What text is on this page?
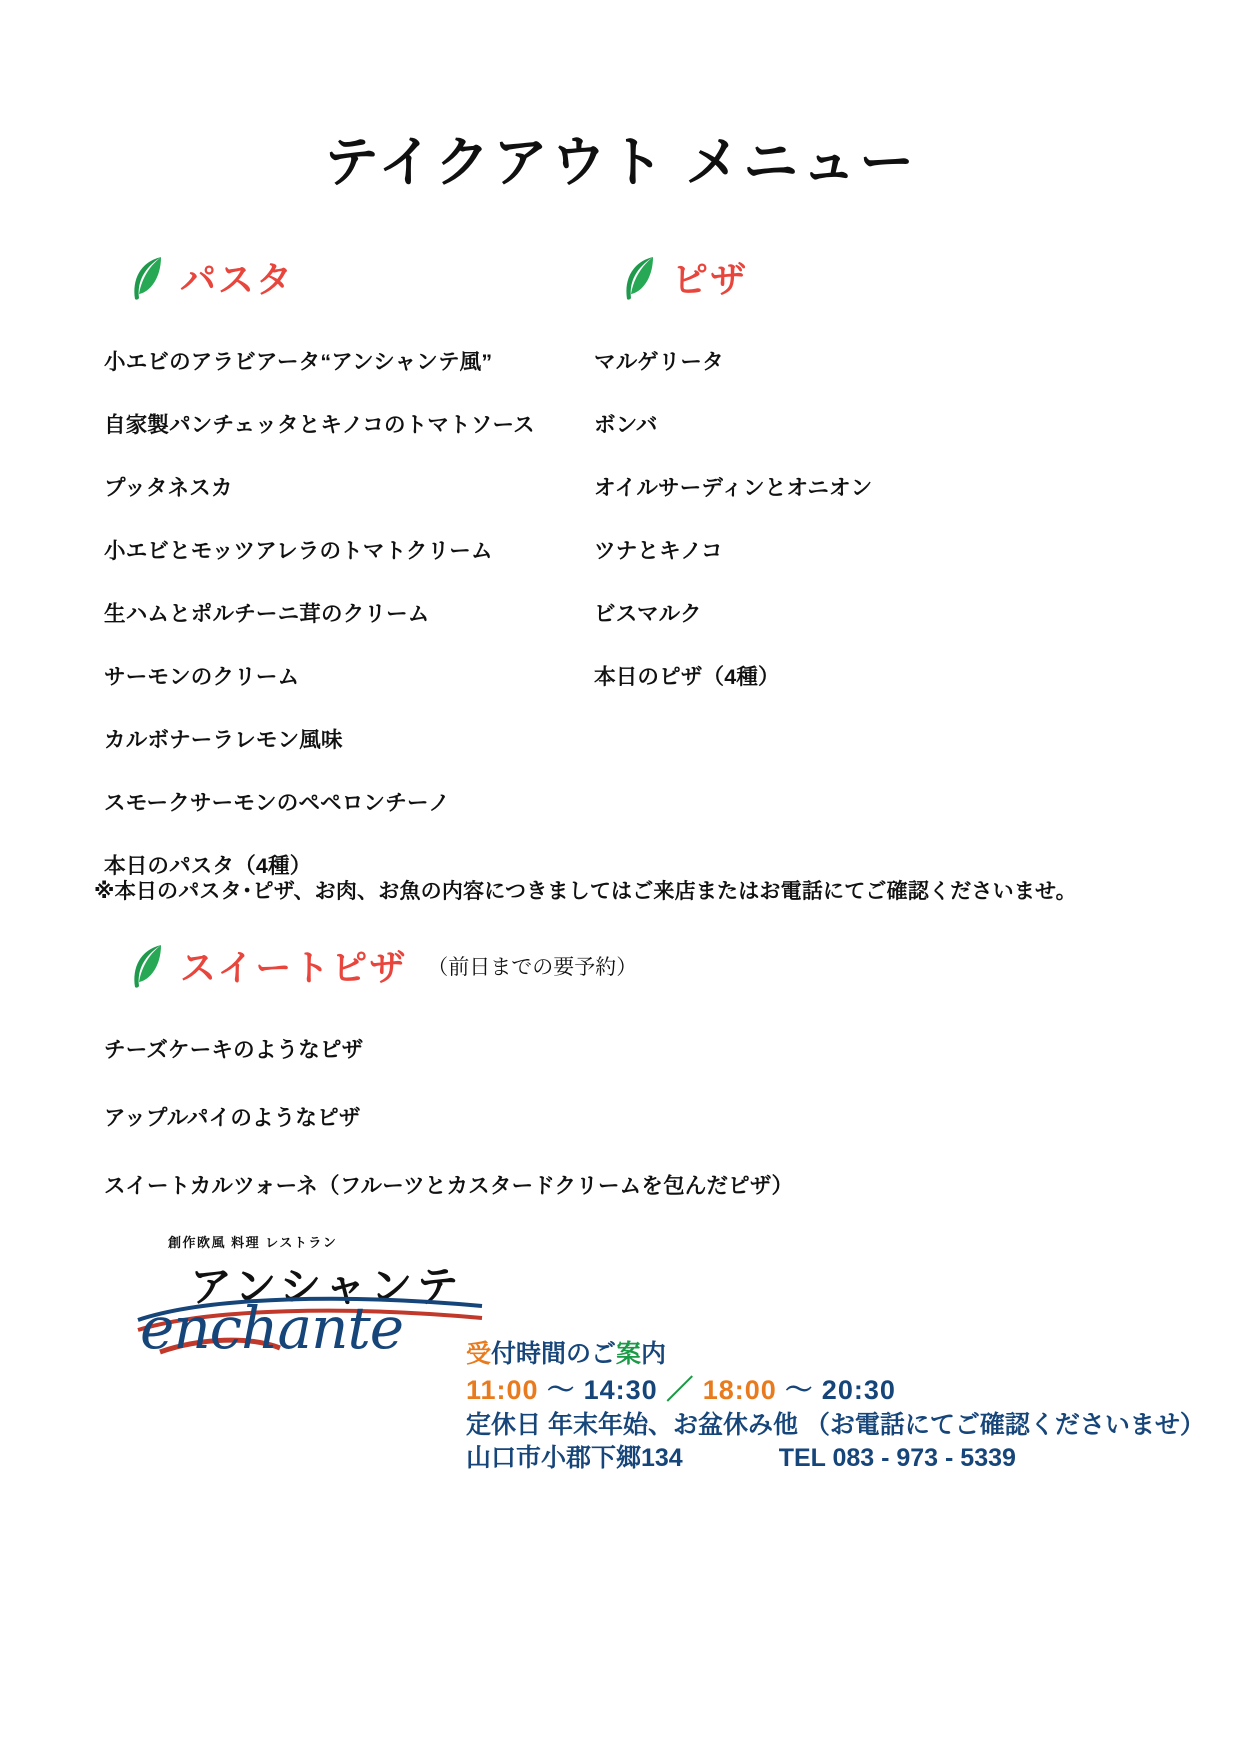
テイクアウト メニュー
パスタ	ピザ
小エビのアラビアータ“アンシャンテ風”
自家製パンチェッタとキノコのトマトソース
プッタネスカ
小エビとモッツアレラのトマトクリーム
生ハムとポルチーニ茸のクリーム
サーモンのクリーム
カルボナーラレモン風味
スモークサーモンのペペロンチーノ
本日のパスタ（4種）
マルゲリータ
ボンバ
オイルサーディンとオニオン
ツナとキノコ
ビスマルク
本日のピザ（4種）
※本日のパスタ･ピザ、お肉、お魚の内容につきましてはご来店またはお電話にてご確認くださいませ。
スイートピザ （前日までの要予約）
チーズケーキのようなピザ
アップルパイのようなピザ
スイートカルツォーネ（フルーツとカスタードクリームを包んだピザ）
創作欧風 料理 レストラン
アンシャンテ
enchante	受付時間のご案内
11:00 〜 14:30 ／ 18:00 〜 20:30
定休日 年末年始、お盆休み他 （お電話にてご確認くださいませ）
山口市小郡下郷134	TEL 083 - 973 - 5339
